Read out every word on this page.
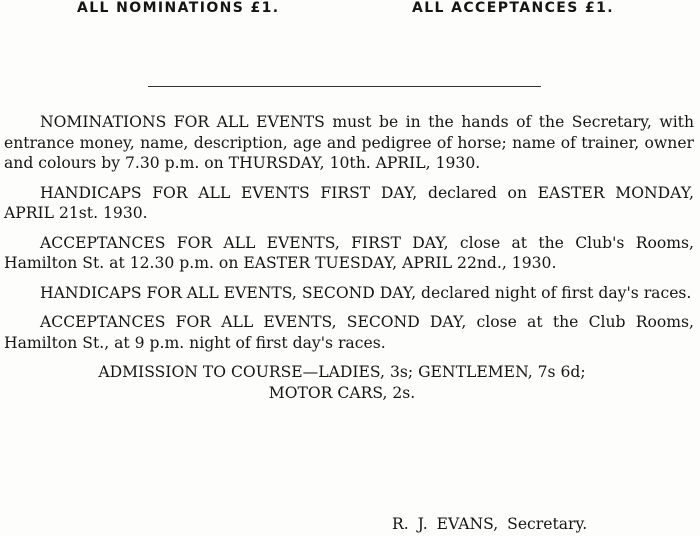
ALL NOMINATIONS £1.	ALL ACCEPTANCES £1.

NOMINATIONS FOR ALL EVENTS must be in the hands of the Secretary, with entrance money, name, description, age and pedigree of horse; name of trainer, owner and colours by 7.30 p.m. on THURSDAY, 10th. APRIL, 1930.

HANDICAPS FOR ALL EVENTS FIRST DAY, declared on EASTER MONDAY, APRIL 21st. 1930.

ACCEPTANCES FOR ALL EVENTS, FIRST DAY, close at the Club's Rooms, Hamilton St. at 12.30 p.m. on EASTER TUESDAY, APRIL 22nd., 1930.

HANDICAPS FOR ALL EVENTS, SECOND DAY, declared night of first day's races.

ACCEPTANCES FOR ALL EVENTS, SECOND DAY, close at the Club Rooms, Hamilton St., at 9 p.m. night of first day's races.

ADMISSION TO COURSE—LADIES, 3s; GENTLEMEN, 7s 6d;

MOTOR CARS, 2s.

R. J. EVANS, Secretary.
